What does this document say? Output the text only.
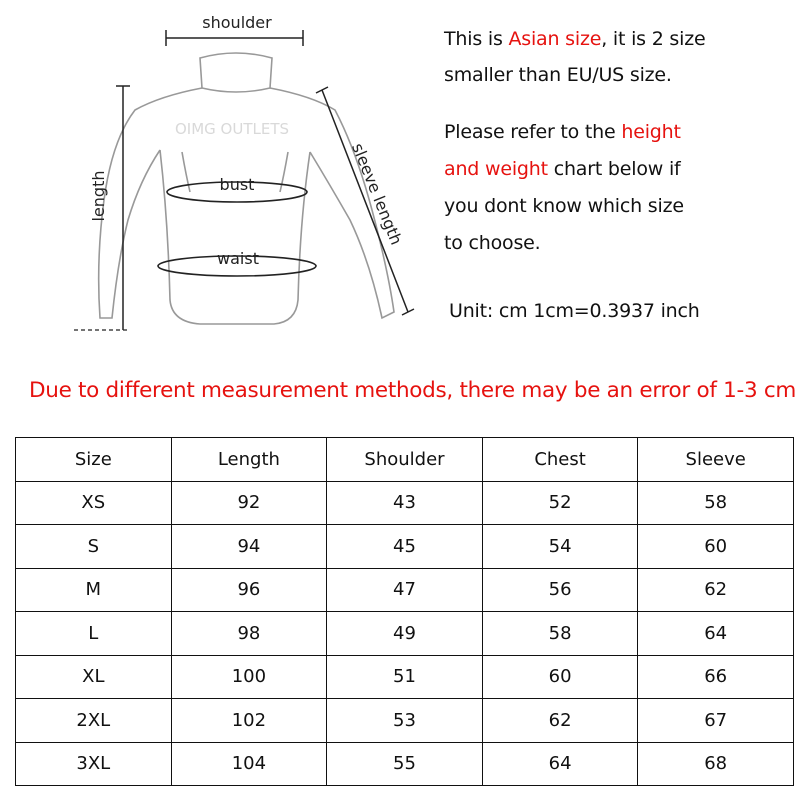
shoulder
OIMG OUTLETS
length	bust
waist
sleeve length
This is Asian size, it is 2 size
smaller than EU/US size.
Please refer to the height
and weight chart below if
you dont know which size
to choose.
Unit: cm 1cm=0.3937 inch
Due to different measurement methods, there may be an error of 1-3 cm
Size	Length	Shoulder	Chest	Sleeve
XS	92	43	52	58
S	94	45	54	60
M	96	47	56	62
L	98	49	58	64
XL	100	51	60	66
2XL	102	53	62	67
3XL	104	55	64	68
